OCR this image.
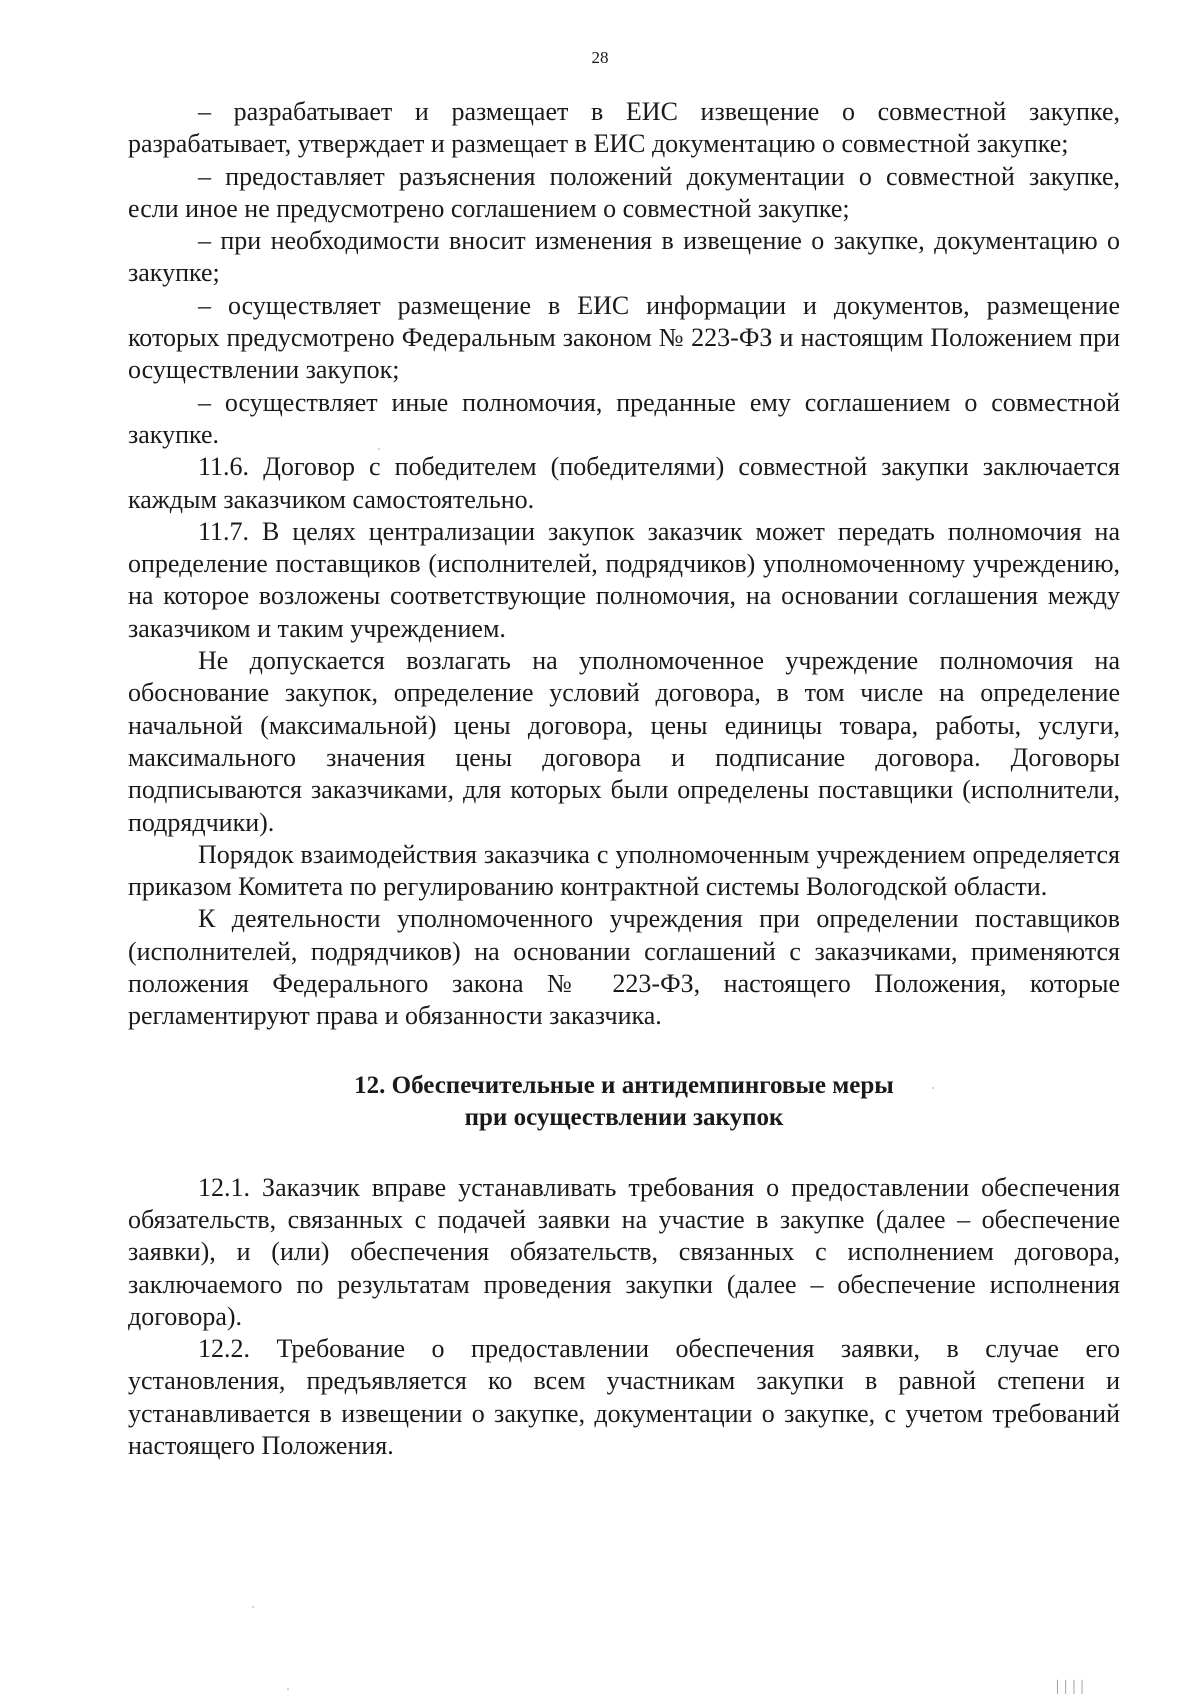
28

– разрабатывает и размещает в ЕИС извещение о совместной закупке, разрабатывает, утверждает и размещает в ЕИС документацию о совместной закупке;

– предоставляет разъяснения положений документации о совместной закупке, если иное не предусмотрено соглашением о совместной закупке;

– при необходимости вносит изменения в извещение о закупке, документацию о закупке;

– осуществляет размещение в ЕИС информации и документов, размещение которых предусмотрено Федеральным законом № 223-ФЗ и настоящим Положением при осуществлении закупок;

– осуществляет иные полномочия, преданные ему соглашением о совместной закупке.

11.6. Договор с победителем (победителями) совместной закупки заключается каждым заказчиком самостоятельно.

11.7. В целях централизации закупок заказчик может передать полномочия на определение поставщиков (исполнителей, подрядчиков) уполномоченному учреждению, на которое возложены соответствующие полномочия, на основании соглашения между заказчиком и таким учреждением.

Не допускается возлагать на уполномоченное учреждение полномочия на обоснование закупок, определение условий договора, в том числе на определение начальной (максимальной) цены договора, цены единицы товара, работы, услуги, максимального значения цены договора и подписание договора. Договоры подписываются заказчиками, для которых были определены поставщики (исполнители, подрядчики).

Порядок взаимодействия заказчика с уполномоченным учреждением определяется приказом Комитета по регулированию контрактной системы Вологодской области.

К деятельности уполномоченного учреждения при определении поставщиков (исполнителей, подрядчиков) на основании соглашений с заказчиками, применяются положения Федерального закона № 223-ФЗ, настоящего Положения, которые регламентируют права и обязанности заказчика.

12. Обеспечительные и антидемпинговые меры
при осуществлении закупок

12.1. Заказчик вправе устанавливать требования о предоставлении обеспечения обязательств, связанных с подачей заявки на участие в закупке (далее – обеспечение заявки), и (или) обеспечения обязательств, связанных с исполнением договора, заключаемого по результатам проведения закупки (далее – обеспечение исполнения договора).

12.2. Требование о предоставлении обеспечения заявки, в случае его установления, предъявляется ко всем участникам закупки в равной степени и устанавливается в извещении о закупке, документации о закупке, с учетом требований настоящего Положения.

▏▏▏▏
